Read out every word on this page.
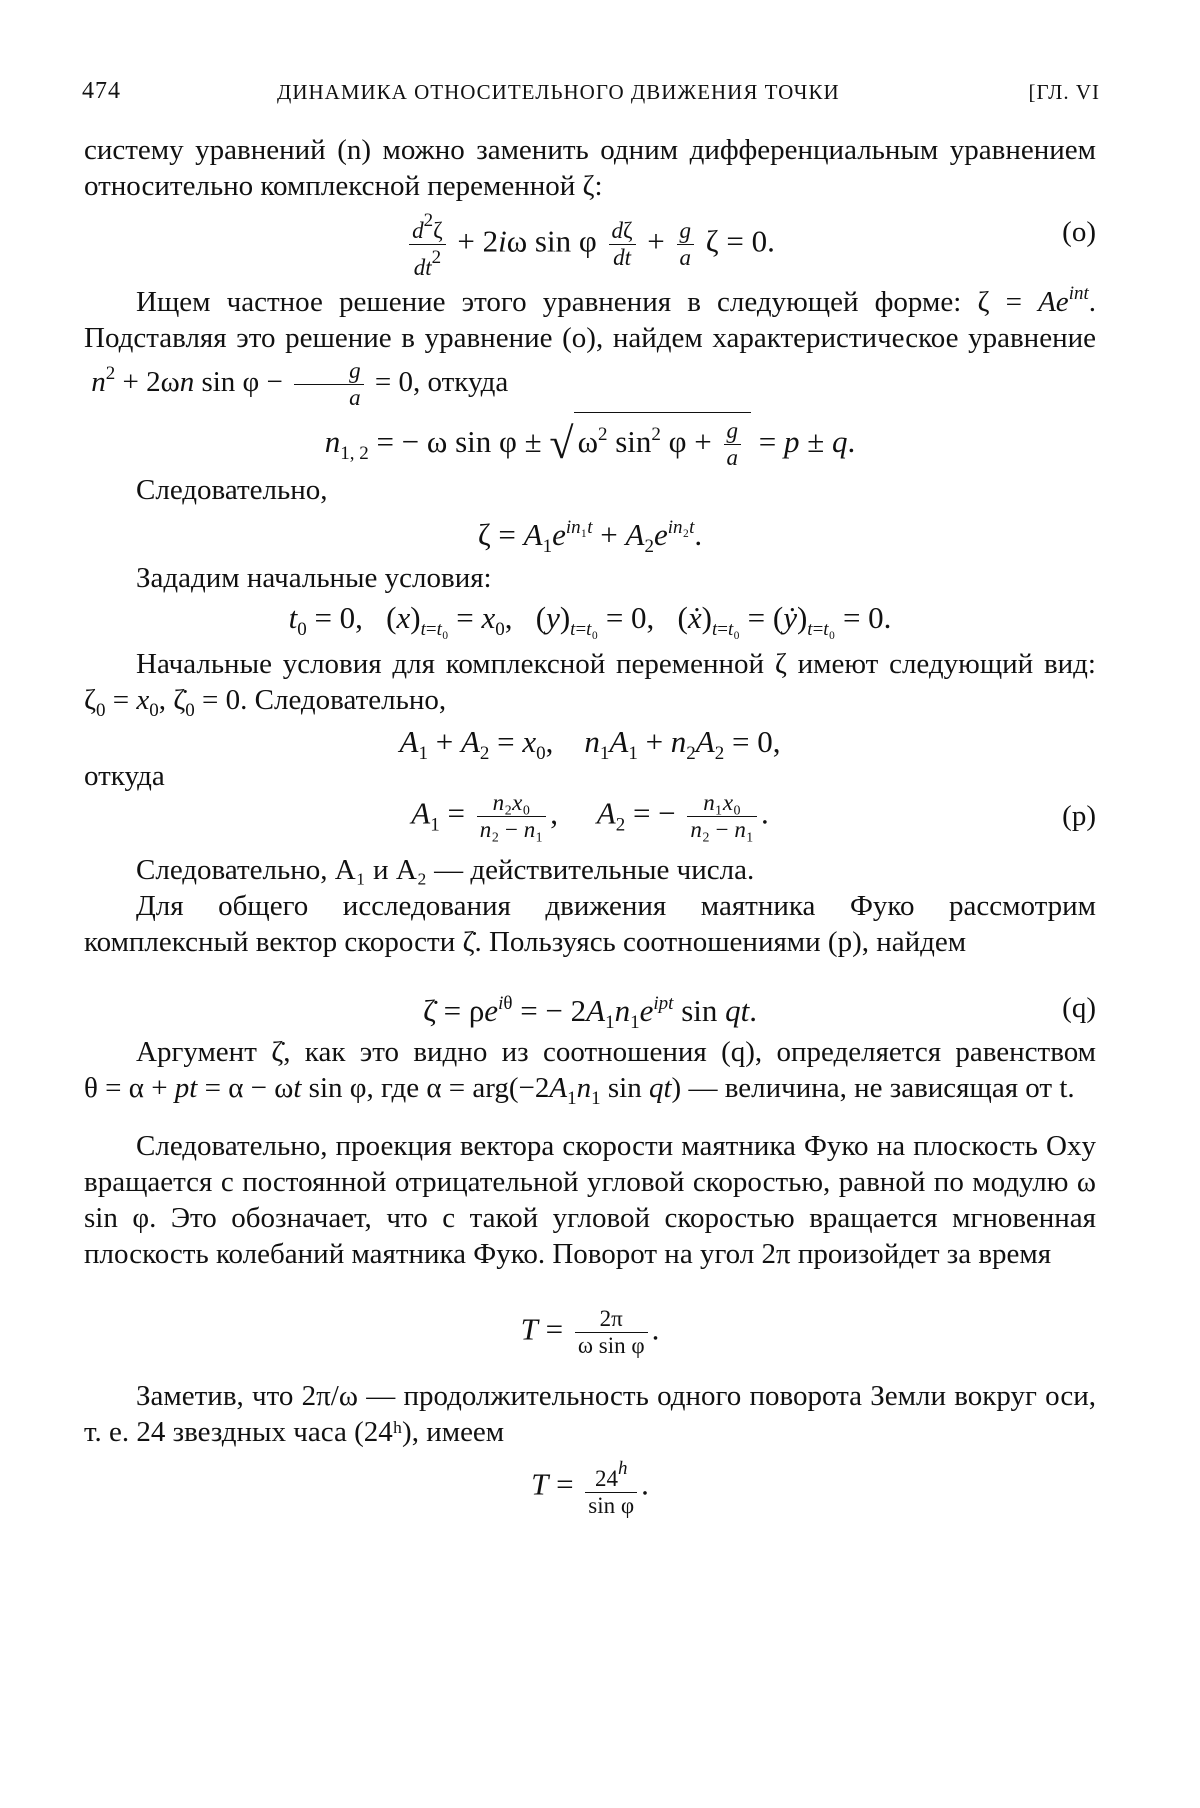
474	ДИНАМИКА ОТНОСИТЕЛЬНОГО ДВИЖЕНИЯ ТОЧКИ	[ГЛ. VI
систему уравнений (n) можно заменить одним дифференциальным уравнением относительно комплексной переменной ζ:
$\frac{d^2\zeta}{dt^2} + 2i\omega$ sin φ $\frac{d\zeta}{dt} + \frac{g}{a}$ ζ = 0.	(o)
Ищем частное решение этого уравнения в следующей форме: $\zeta = Ae^{int}$. Подставляя это решение в уравнение (o), найдем характеристическое уравнение  $n^2 + 2\omega n$ $\sin \varphi - \frac{g}{a} = 0$, откуда
$n_{1, 2}$ = − ω sin φ ± √ $\omega^2$ $\sin^2 \varphi + \frac{g}{a} = p \pm q$.
Следовательно,
$\zeta = A_1e^{in_1t} + A_2e^{in_2t}$.
Зададим начальные условия:
$t_0 = 0$,   $(x)_{t=t_0} = x_0$,   $(y)_{t=t_0} = 0$,   $(ẋ)_{t=t_0}$ = $(ẏ)_{t=t_0} = 0$.
Начальные условия для комплексной переменной ζ имеют следующий вид: $\zeta_0 = x_0$, $\zetȧ_0 = 0$. Следовательно,
$A_1 + A_2 = x_0$,    $n_1A_1 + n_2A_2 = 0$,
откуда
$A_1 = \frac{\text{n₂x₀}}{\text{n₂ − n₁}}$ ,     $A_2$ = − $\frac{\text{n₁x₀}}{\text{n₂ − n₁}}$ .	(p)
Следовательно, A₁ и A₂ — действительные числа.
Для общего исследования движения маятника Фуко рассмотрим комплексный вектор скорости ζ̇. Пользуясь соотношениями (p), найдем
ζ̇ = $\rho e^{i\theta}$ = − $2A_1n_1e^{ipt}$ sin qt.	(q)
Аргумент ζ̇, как это видно из соотношения (q), определяется равенством θ = α + pt = α − ωt sin φ, где $\alpha = arg(-2A_1n_1$ sin qt) — величина, не зависящая от t.
Следовательно, проекция вектора скорости маятника Фуко на плоскость Oxy вращается с постоянной отрицательной угловой скоростью, равной по модулю ω sin φ. Это обозначает, что с такой угловой скоростью вращается мгновенная плоскость колебаний маятника Фуко. Поворот на угол 2π произойдет за время
$T = \frac{2\pi}{\text{ω sin φ}}$ .
Заметив, что 2π/ω — продолжительность одного поворота Земли вокруг оси, т. е. 24 звездных часа (24ʰ), имеем
$T = \frac{24^h}{\text{sin φ}}$ .
